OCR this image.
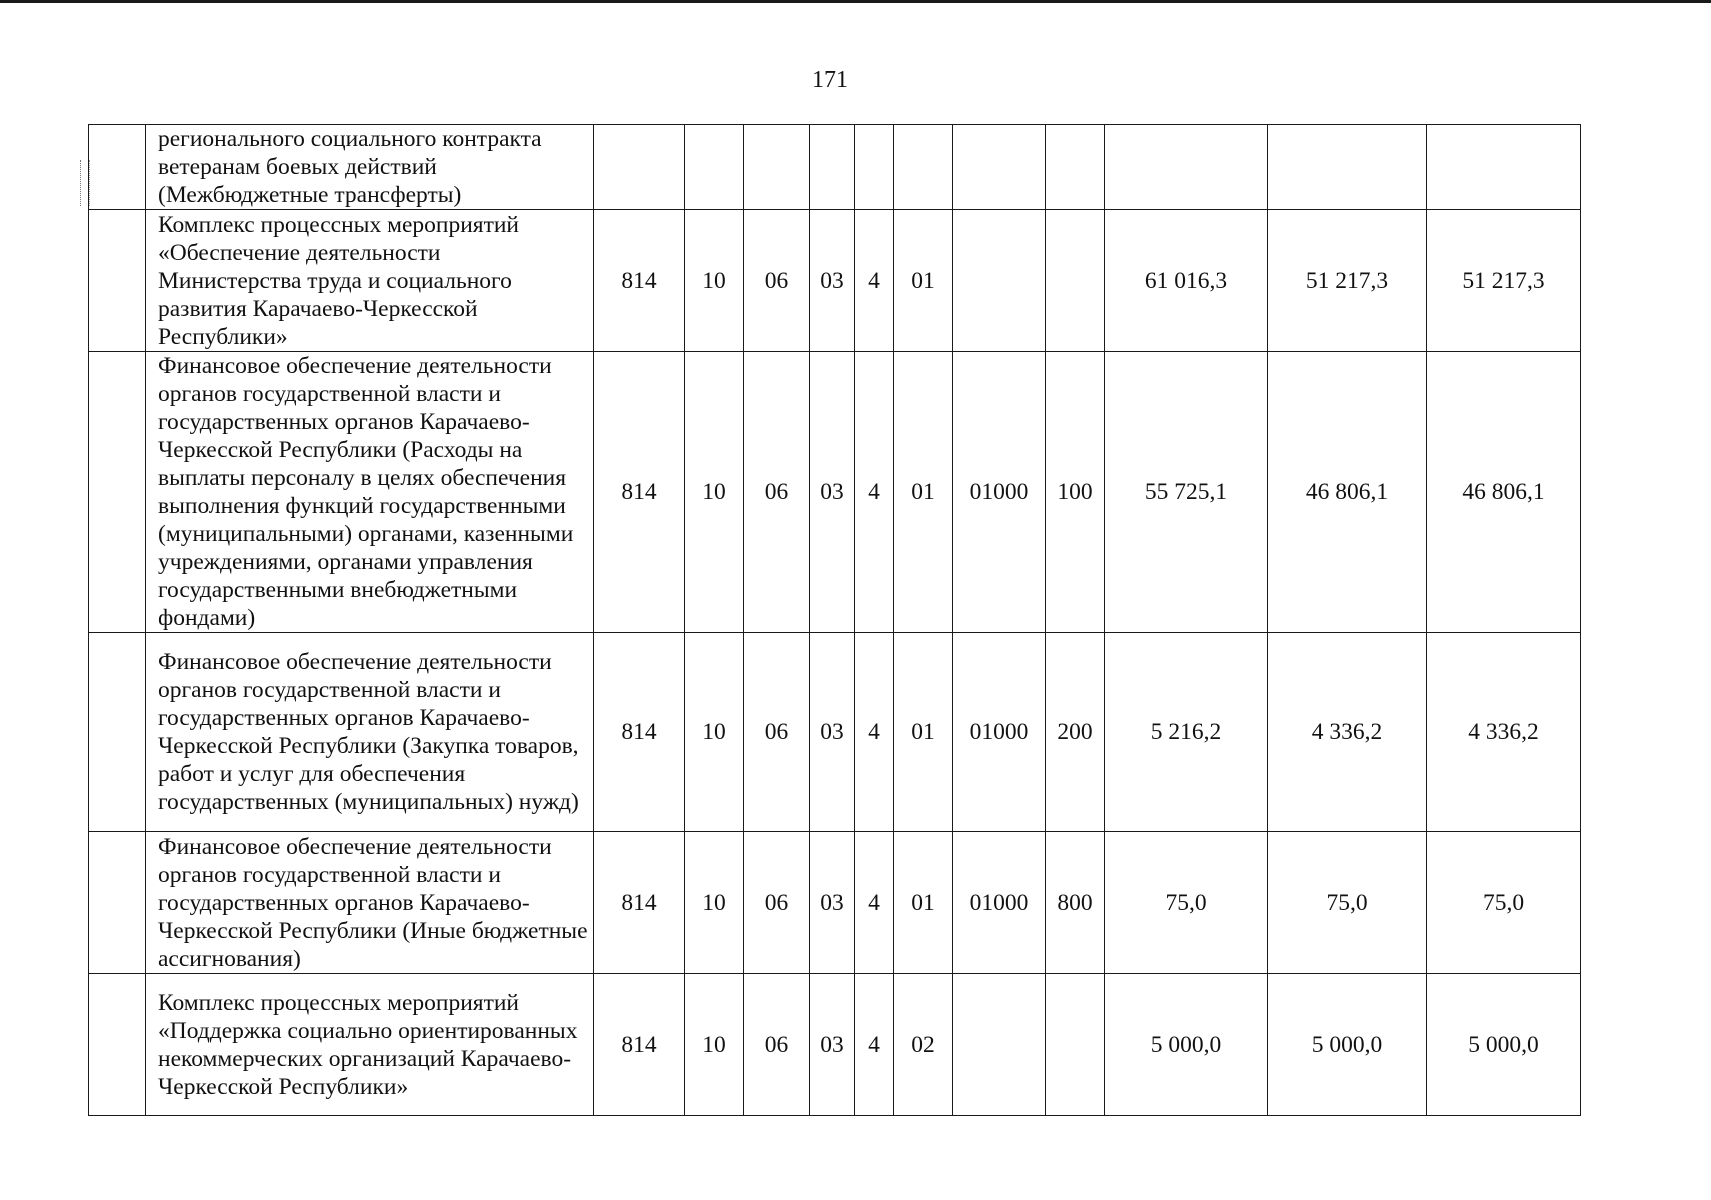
171
	регионального социального контракта ветеранам боевых действий (Межбюджетные трансферты)											
	Комплекс процессных мероприятий «Обеспечение деятельности Министерства труда и социального развития Карачаево-Черкесской Республики»	814	10	06	03	4	01			61 016,3	51 217,3	51 217,3
	Финансовое обеспечение деятельности органов государственной власти и государственных органов Карачаево-Черкесской Республики (Расходы на выплаты персоналу в целях обеспечения выполнения функций государственными (муниципальными) органами, казенными учреждениями, органами управления государственными внебюджетными фондами)	814	10	06	03	4	01	01000	100	55 725,1	46 806,1	46 806,1
	Финансовое обеспечение деятельности органов государственной власти и государственных органов Карачаево-Черкесской Республики (Закупка товаров, работ и услуг для обеспечения государственных (муниципальных) нужд)	814	10	06	03	4	01	01000	200	5 216,2	4 336,2	4 336,2
	Финансовое обеспечение деятельности органов государственной власти и государственных органов Карачаево-Черкесской Республики (Иные бюджетные ассигнования)	814	10	06	03	4	01	01000	800	75,0	75,0	75,0
	Комплекс процессных мероприятий «Поддержка социально ориентированных некоммерческих организаций Карачаево-Черкесской Республики»	814	10	06	03	4	02			5 000,0	5 000,0	5 000,0
